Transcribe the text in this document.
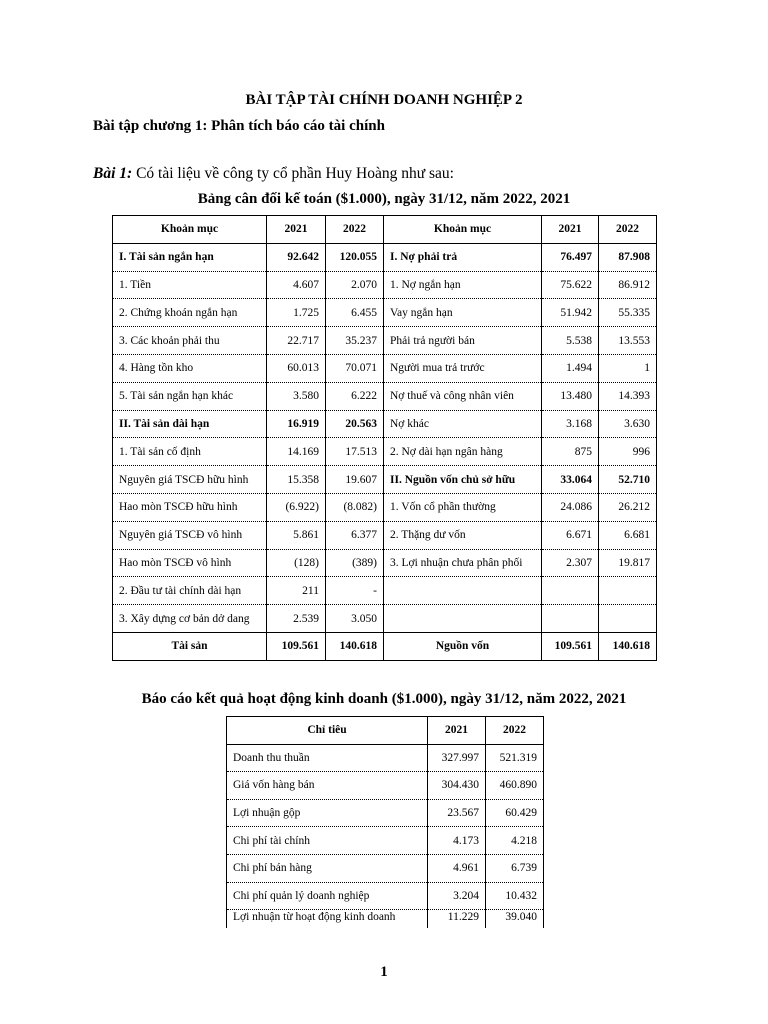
BÀI TẬP TÀI CHÍNH DOANH NGHIỆP 2
Bài tập chương 1: Phân tích báo cáo tài chính
Bài 1: Có tài liệu về công ty cổ phần Huy Hoàng như sau:
Bảng cân đối kế toán ($1.000), ngày 31/12, năm 2022, 2021
Khoản mục	2021	2022	Khoản mục	2021	2022
I. Tài sản ngắn hạn	92.642	120.055	I. Nợ phải trả	76.497	87.908
1. Tiền	4.607	2.070	1. Nợ ngắn hạn	75.622	86.912
2. Chứng khoán ngắn hạn	1.725	6.455	Vay ngắn hạn	51.942	55.335
3. Các khoản phải thu	22.717	35.237	Phải trả người bán	5.538	13.553
4. Hàng tồn kho	60.013	70.071	Người mua trả trước	1.494	1
5. Tài sản ngắn hạn khác	3.580	6.222	Nợ thuế và công nhân viên	13.480	14.393
II. Tài sản dài hạn	16.919	20.563	Nợ khác	3.168	3.630
1. Tài sản cố định	14.169	17.513	2. Nợ dài hạn ngân hàng	875	996
Nguyên giá TSCĐ hữu hình	15.358	19.607	II. Nguồn vốn chủ sở hữu	33.064	52.710
Hao mòn TSCĐ hữu hình	(6.922)	(8.082)	1. Vốn cổ phần thường	24.086	26.212
Nguyên giá TSCĐ vô hình	5.861	6.377	2. Thặng dư vốn	6.671	6.681
Hao mòn TSCĐ vô hình	(128)	(389)	3. Lợi nhuận chưa phân phối	2.307	19.817
2. Đầu tư tài chính dài hạn	211	-			
3. Xây dựng cơ bản dở dang	2.539	3.050			
Tài sản	109.561	140.618	Nguồn vốn	109.561	140.618
Báo cáo kết quả hoạt động kinh doanh ($1.000), ngày 31/12, năm 2022, 2021
Chỉ tiêu	2021	2022
Doanh thu thuần	327.997	521.319
Giá vốn hàng bán	304.430	460.890
Lợi nhuận gộp	23.567	60.429
Chi phí tài chính	4.173	4.218
Chi phí bán hàng	4.961	6.739
Chi phí quản lý doanh nghiệp	3.204	10.432
Lợi nhuận từ hoạt động kinh doanh	11.229	39.040
1
